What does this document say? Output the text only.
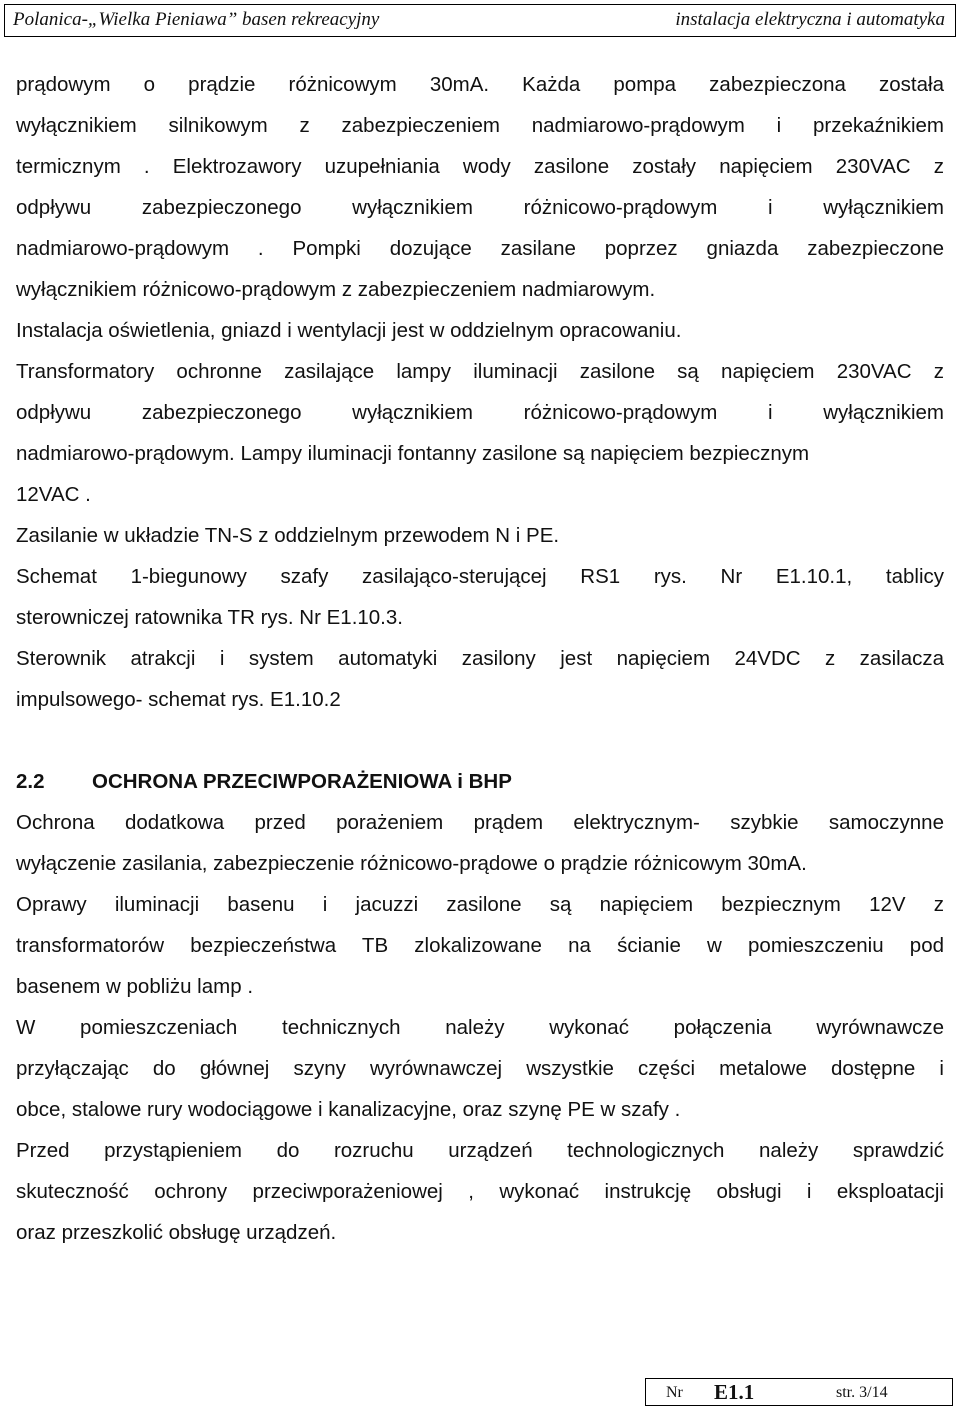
Polanica-„Wielka Pieniawa” basen rekreacyjny	instalacja elektryczna i automatyka

prądowym o prądzie różnicowym 30mA. Każda pompa zabezpieczona została

wyłącznikiem silnikowym z zabezpieczeniem nadmiarowo-prądowym i przekaźnikiem

termicznym . Elektrozawory uzupełniania wody zasilone zostały napięciem 230VAC z

odpływu zabezpieczonego wyłącznikiem różnicowo-prądowym i wyłącznikiem

nadmiarowo-prądowym . Pompki dozujące zasilane poprzez gniazda zabezpieczone

wyłącznikiem różnicowo-prądowym z zabezpieczeniem nadmiarowym.

Instalacja oświetlenia, gniazd i wentylacji jest w oddzielnym opracowaniu.

Transformatory ochronne zasilające lampy iluminacji zasilone są napięciem 230VAC z

odpływu zabezpieczonego wyłącznikiem różnicowo-prądowym i wyłącznikiem

nadmiarowo-prądowym. Lampy iluminacji fontanny zasilone są napięciem bezpiecznym

12VAC .

Zasilanie w układzie TN-S z oddzielnym przewodem N i PE.

Schemat 1-biegunowy szafy zasilająco-sterującej RS1 rys. Nr E1.10.1, tablicy

sterowniczej ratownika TR rys. Nr E1.10.3.

Sterownik atrakcji i system automatyki zasilony jest napięciem 24VDC z zasilacza

impulsowego- schemat rys. E1.10.2

2.2 OCHRONA PRZECIWPORAŻENIOWA i BHP

Ochrona dodatkowa przed porażeniem prądem elektrycznym- szybkie samoczynne

wyłączenie zasilania, zabezpieczenie różnicowo-prądowe o prądzie różnicowym 30mA.

Oprawy iluminacji basenu i jacuzzi zasilone są napięciem bezpiecznym 12V z

transformatorów bezpieczeństwa TB zlokalizowane na ścianie w pomieszczeniu pod

basenem w pobliżu lamp .

W pomieszczeniach technicznych należy wykonać połączenia wyrównawcze

przyłączając do głównej szyny wyrównawczej wszystkie części metalowe dostępne i

obce, stalowe rury wodociągowe i kanalizacyjne, oraz szynę PE w szafy .

Przed przystąpieniem do rozruchu urządzeń technologicznych należy sprawdzić

skuteczność ochrony przeciwporażeniowej , wykonać instrukcję obsługi i eksploatacji

oraz przeszkolić obsługę urządzeń.

Nr E1.1	str. 3/14
